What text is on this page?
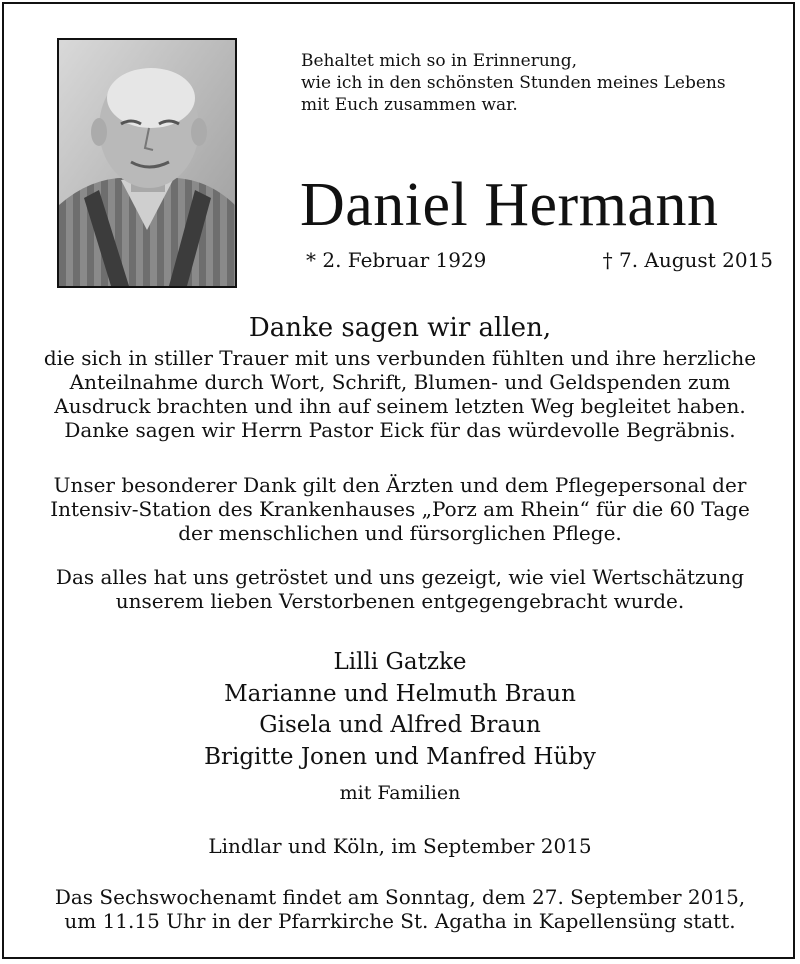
Behaltet mich so in Erinnerung,
wie ich in den schönsten Stunden meines Lebens
mit Euch zusammen war.
Daniel Hermann
* 2. Februar 1929	† 7. August 2015
Danke sagen wir allen,
die sich in stiller Trauer mit uns verbunden fühlten und ihre herzliche
Anteilnahme durch Wort, Schrift, Blumen- und Geldspenden zum
Ausdruck brachten und ihn auf seinem letzten Weg begleitet haben.
Danke sagen wir Herrn Pastor Eick für das würdevolle Begräbnis.
Unser besonderer Dank gilt den Ärzten und dem Pflegepersonal der
Intensiv-Station des Krankenhauses „Porz am Rhein“ für die 60 Tage
der menschlichen und fürsorglichen Pflege.
Das alles hat uns getröstet und uns gezeigt, wie viel Wertschätzung
unserem lieben Verstorbenen entgegengebracht wurde.
Lilli Gatzke
Marianne und Helmuth Braun
Gisela und Alfred Braun
Brigitte Jonen und Manfred Hüby
mit Familien
Lindlar und Köln, im September 2015
Das Sechswochenamt findet am Sonntag, dem 27. September 2015,
um 11.15 Uhr in der Pfarrkirche St. Agatha in Kapellensüng statt.
